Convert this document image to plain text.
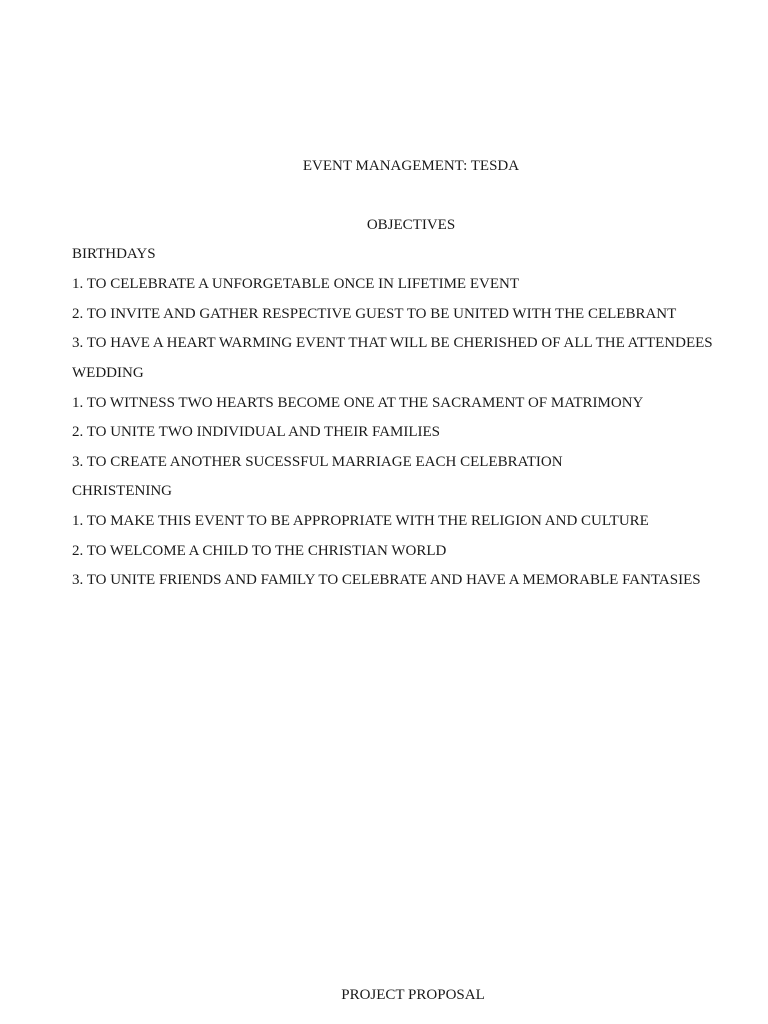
EVENT MANAGEMENT: TESDA
OBJECTIVES
BIRTHDAYS
1. TO CELEBRATE A UNFORGETABLE ONCE IN LIFETIME EVENT
2. TO INVITE AND GATHER RESPECTIVE GUEST TO BE UNITED WITH THE CELEBRANT
3. TO HAVE A HEART WARMING EVENT THAT WILL BE CHERISHED OF ALL THE ATTENDEES
WEDDING
1. TO WITNESS TWO HEARTS BECOME ONE AT THE SACRAMENT OF MATRIMONY
2. TO UNITE TWO INDIVIDUAL AND THEIR FAMILIES
3. TO CREATE ANOTHER SUCESSFUL MARRIAGE EACH CELEBRATION
CHRISTENING
1. TO MAKE THIS EVENT TO BE APPROPRIATE WITH THE RELIGION AND CULTURE
2. TO WELCOME A CHILD TO THE CHRISTIAN WORLD
3. TO UNITE FRIENDS AND FAMILY TO CELEBRATE AND HAVE A MEMORABLE FANTASIES
PROJECT PROPOSAL
